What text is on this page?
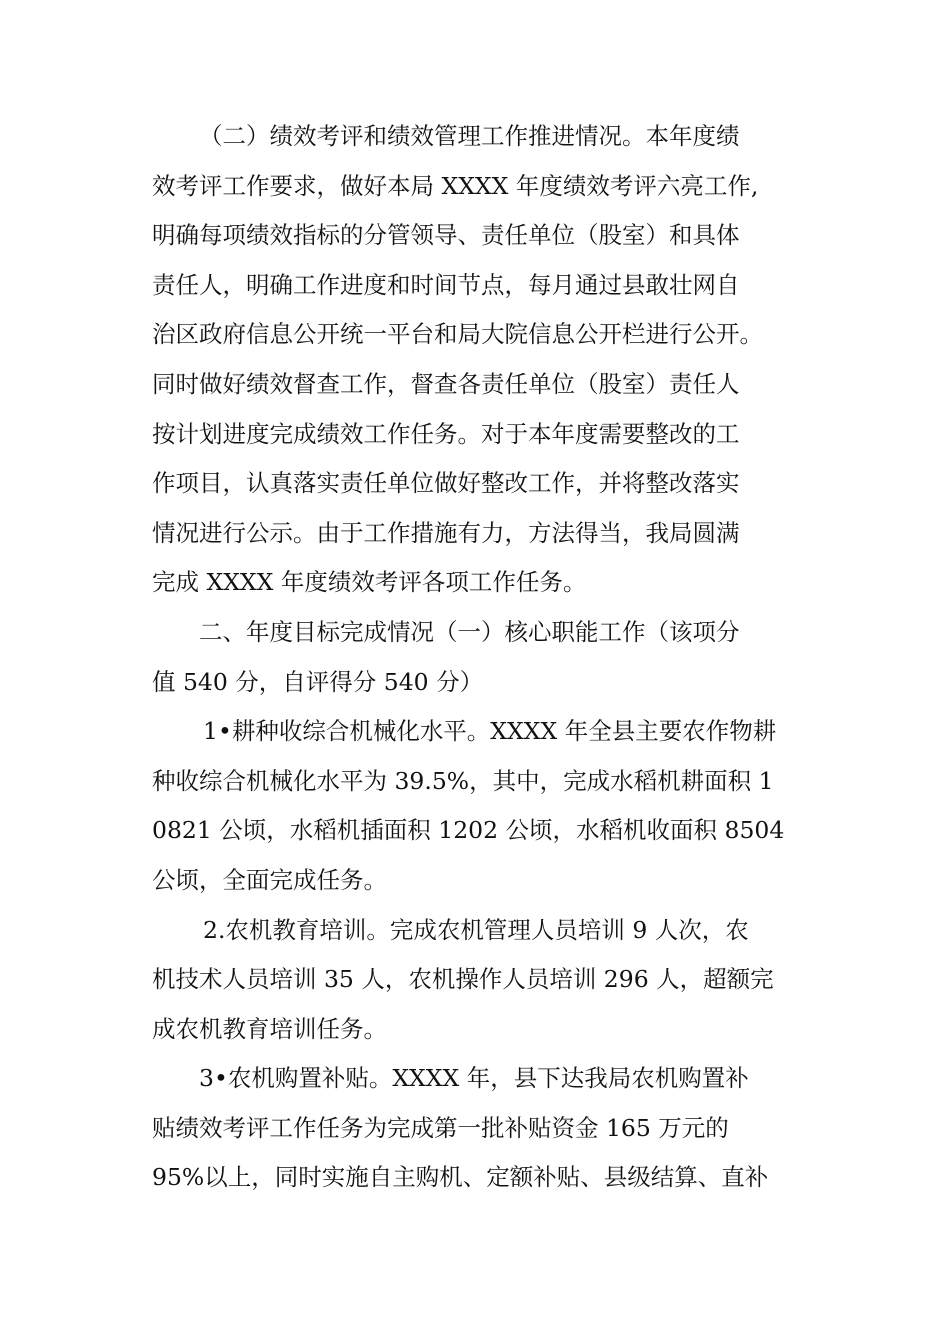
（二）绩效考评和绩效管理工作推进情况。本年度绩
效考评工作要求，做好本局 XXXX 年度绩效考评六亮工作,
明确每项绩效指标的分管领导、责任单位（股室）和具体
责任人，明确工作进度和时间节点，每月通过县敢壮网自
治区政府信息公开统一平台和局大院信息公开栏进行公开。
同时做好绩效督查工作，督查各责任单位（股室）责任人
按计划进度完成绩效工作任务。对于本年度需要整改的工
作项目，认真落实责任单位做好整改工作，并将整改落实
情况进行公示。由于工作措施有力，方法得当，我局圆满
完成 XXXX 年度绩效考评各项工作任务。
二、年度目标完成情况（一）核心职能工作（该项分
值 540 分，自评得分 540 分）
1•耕种收综合机械化水平。XXXX 年全县主要农作物耕
种收综合机械化水平为 39.5%，其中，完成水稻机耕面积 1
0821 公顷，水稻机插面积 1202 公顷，水稻机收面积 8504
公顷，全面完成任务。
2.农机教育培训。完成农机管理人员培训 9 人次，农
机技术人员培训 35 人，农机操作人员培训 296 人，超额完
成农机教育培训任务。
3•农机购置补贴。XXXX 年，县下达我局农机购置补
贴绩效考评工作任务为完成第一批补贴资金 165 万元的
95%以上，同时实施自主购机、定额补贴、县级结算、直补
